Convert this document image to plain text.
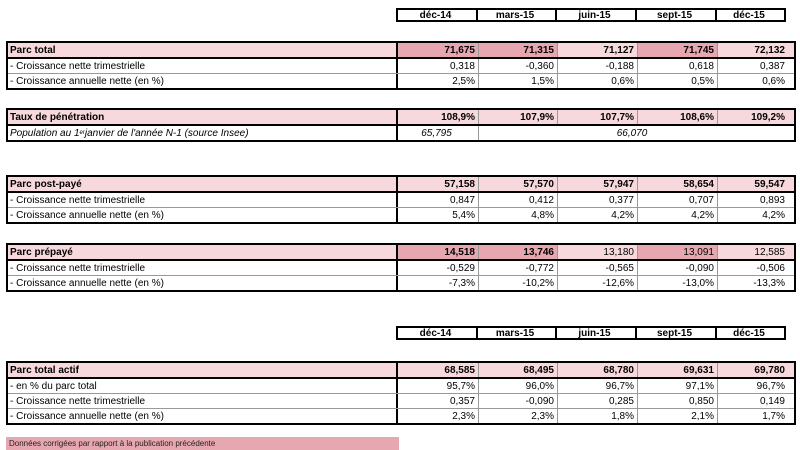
déc-14	mars-15	juin-15	sept-15	déc-15
Parc total	71,675	71,315	71,127	71,745	72,132
- Croissance nette trimestrielle	0,318	-0,360	-0,188	0,618	0,387
- Croissance annuelle nette (en %)	2,5%	1,5%	0,6%	0,5%	0,6%
Taux de pénétration	108,9%	107,9%	107,7%	108,6%	109,2%
Population au 1 er janvier de l'année N-1 (source Insee)	65,795	66,070
Parc post-payé	57,158	57,570	57,947	58,654	59,547
- Croissance nette trimestrielle	0,847	0,412	0,377	0,707	0,893
- Croissance annuelle nette (en %)	5,4%	4,8%	4,2%	4,2%	4,2%
Parc prépayé	14,518	13,746	13,180	13,091	12,585
- Croissance nette trimestrielle	-0,529	-0,772	-0,565	-0,090	-0,506
- Croissance annuelle nette (en %)	-7,3%	-10,2%	-12,6%	-13,0%	-13,3%
déc-14	mars-15	juin-15	sept-15	déc-15
Parc total actif	68,585	68,495	68,780	69,631	69,780
- en % du parc total	95,7%	96,0%	96,7%	97,1%	96,7%
- Croissance nette trimestrielle	0,357	-0,090	0,285	0,850	0,149
- Croissance annuelle nette (en %)	2,3%	2,3%	1,8%	2,1%	1,7%
Données corrigées par rapport à la publication précédente
